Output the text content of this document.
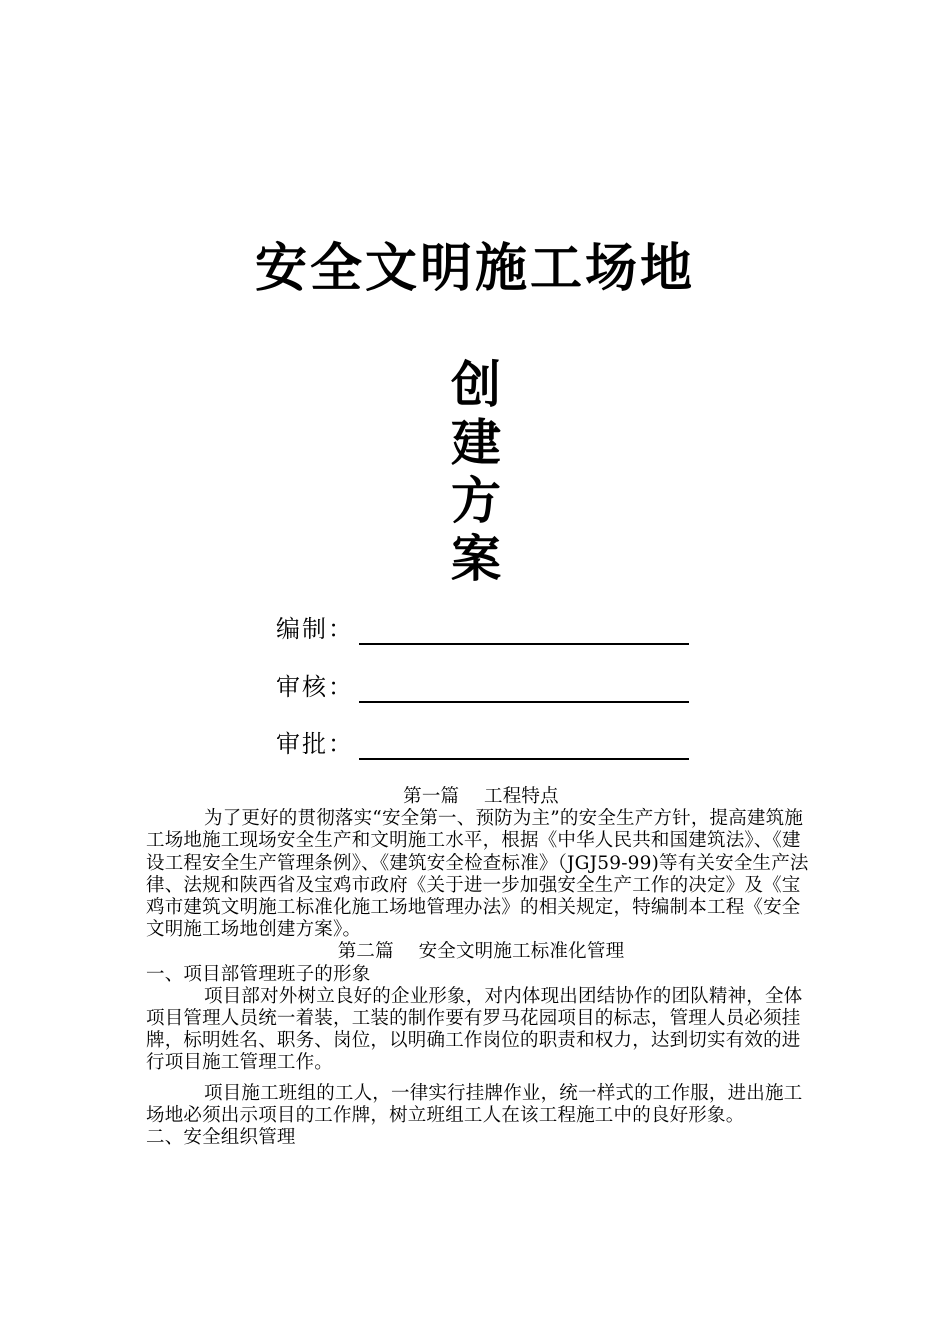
安全文明施工场地
创
建
方
案
编制：
审核：
审批：

第一篇　 工程特点

为了更好的贯彻落实“安全第一、预防为主”的安全生产方针，提高建筑施工场地施工现场安全生产和文明施工水平，根据《中华人民共和国建筑法》、《建设工程安全生产管理条例》、《建筑安全检查标准》（JGJ59-99)等有关安全生产法律、法规和陕西省及宝鸡市政府《关于进一步加强安全生产工作的决定》及《宝鸡市建筑文明施工标准化施工场地管理办法》的相关规定，特编制本工程《安全文明施工场地创建方案》。

第二篇　 安全文明施工标准化管理

一、项目部管理班子的形象

项目部对外树立良好的企业形象，对内体现出团结协作的团队精神，全体项目管理人员统一着装，工装的制作要有罗马花园项目的标志，管理人员必须挂牌，标明姓名、职务、岗位，以明确工作岗位的职责和权力，达到切实有效的进行项目施工管理工作。

项目施工班组的工人，一律实行挂牌作业，统一样式的工作服，进出施工场地必须出示项目的工作牌，树立班组工人在该工程施工中的良好形象。

二、安全组织管理
